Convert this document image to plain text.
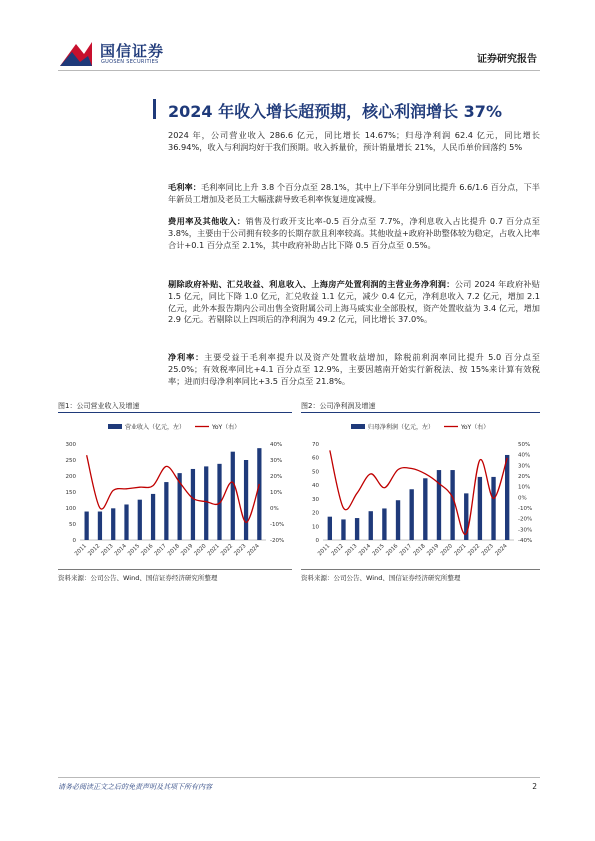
国信证券
GUOSEN SECURITIES	证券研究报告
2024 年收入增长超预期，核心利润增长 37%
2024 年，公司营业收入 286.6 亿元，同比增长 14.67%；归母净利润 62.4 亿元，同比增长 36.94%，收入与利润均好于我们预期。收入拆量价，预计销量增长 21%，人民币单价回落约 5%
毛利率：毛利率同比上升 3.8 个百分点至 28.1%，其中上/下半年分别同比提升 6.6/1.6 百分点，下半年新员工增加及老员工大幅涨薪导致毛利率恢复进度减慢。
费用率及其他收入：销售及行政开支比率-0.5 百分点至 7.7%，净利息收入占比提升 0.7 百分点至 3.8%，主要由于公司拥有较多的长期存款且利率较高。其他收益+政府补助整体较为稳定，占收入比率合计+0.1 百分点至 2.1%，其中政府补助占比下降 0.5 百分点至 0.5%。
剔除政府补贴、汇兑收益、利息收入、上海房产处置利润的主营业务净利润：公司 2024 年政府补贴 1.5 亿元，同比下降 1.0 亿元，汇兑收益 1.1 亿元，减少 0.4 亿元，净利息收入 7.2 亿元，增加 2.1 亿元，此外本报告期内公司出售全资附属公司上海马威实业全部股权，资产处置收益为 3.4 亿元，增加 2.9 亿元。若剔除以上四项后的净利润为 49.2 亿元，同比增长 37.0%。
净利率：主要受益于毛利率提升以及资产处置收益增加，除税前利润率同比提升 5.0 百分点至 25.0%；有效税率同比+4.1 百分点至 12.9%，主要因越南开始实行新税法、按 15%来计算有效税率；进而归母净利率同比+3.5 百分点至 21.8%。
图1：公司营业收入及增速
营业收入（亿元，左）	YoY（右）
0
50
100
150
200
250
300
-20%
-10%
0%
10%
20%
30%
40%
2011 2012 2013 2014 2015 2016 2017 2018 2019 2020 2021 2022 2023 2024
资料来源：公司公告、Wind、国信证券经济研究所整理
图2：公司净利润及增速
归母净利润（亿元，左）	YoY（右）
0
10
20
30
40
50
60
70
-40%
-30%
-20%
-10%
0%
10%
20%
30%
40%
50%
2011 2012 2013 2014 2015 2016 2017 2018 2019 2020 2021 2022 2023 2024
资料来源：公司公告、Wind、国信证券经济研究所整理
请务必阅读正文之后的免责声明及其项下所有内容	2
